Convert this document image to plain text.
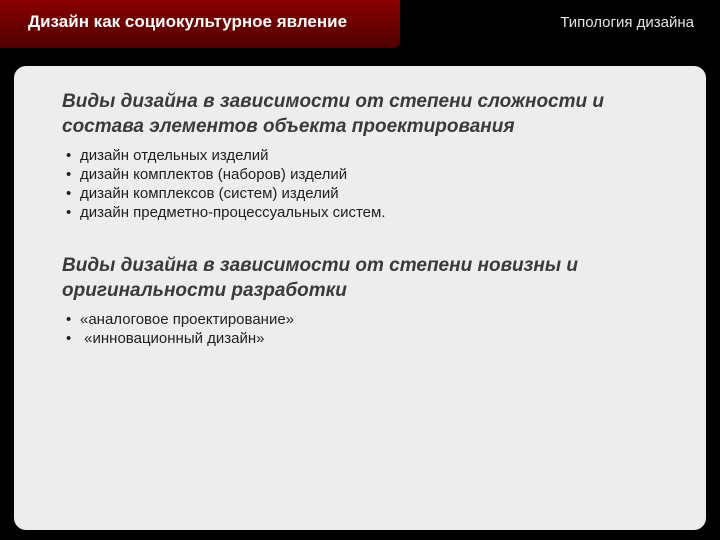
Дизайн как социокультурное явление	Типология дизайна
Виды дизайна в зависимости от степени сложности и
состава элементов объекта проектирования
• дизайн отдельных изделий
• дизайн комплектов (наборов) изделий
• дизайн комплексов (систем) изделий
• дизайн предметно-процессуальных систем.
Виды дизайна в зависимости от степени новизны и
оригинальности разработки
• «аналоговое проектирование»
• «инновационный дизайн»
